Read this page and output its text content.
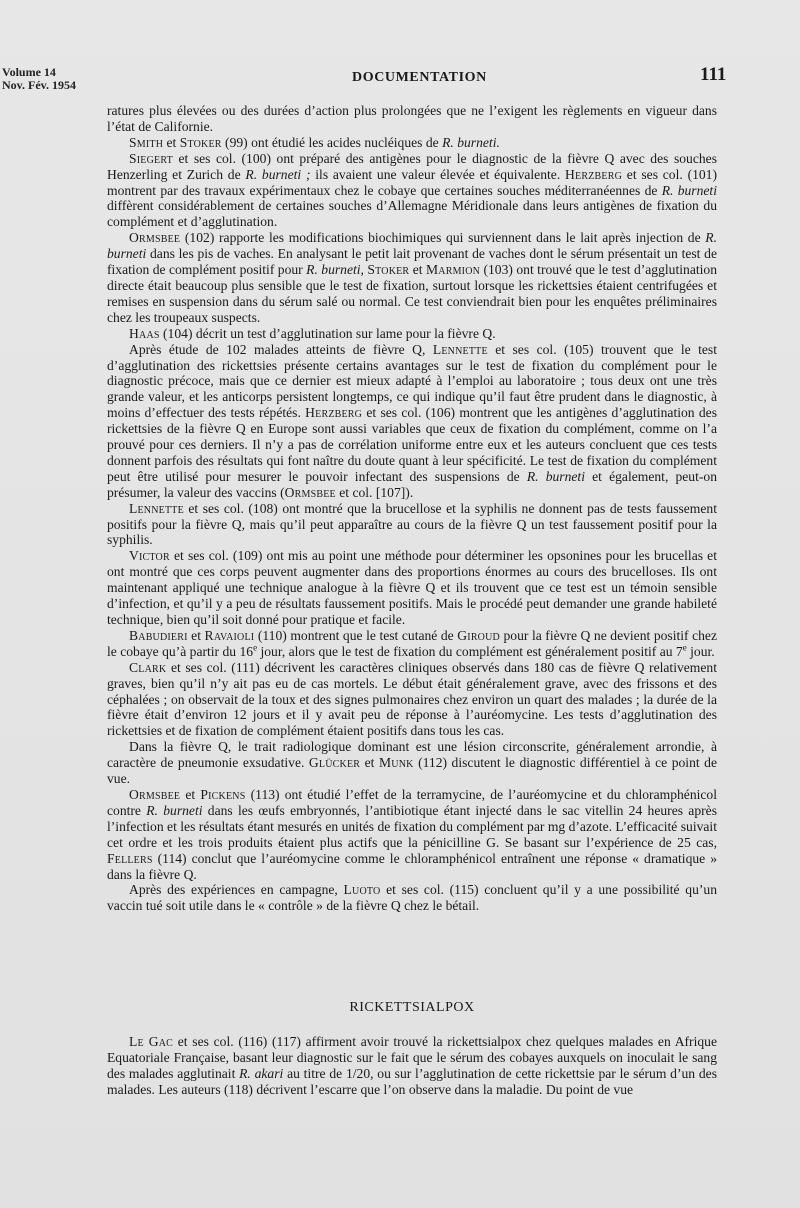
Volume 14
Nov. Fév. 1954	DOCUMENTATION	111

ratures plus élevées ou des durées d’action plus prolongées que ne l’exigent les règlements en vigueur dans l’état de Californie.

Smith et Stoker (99) ont étudié les acides nucléiques de R. burneti.

Siegert et ses col. (100) ont préparé des antigènes pour le diagnostic de la fièvre Q avec des souches Henzerling et Zurich de R. burneti ; ils avaient une valeur élevée et équivalente. Herzberg et ses col. (101) montrent par des travaux expérimentaux chez le cobaye que certaines souches méditerranéennes de R. burneti diffèrent considérablement de certaines souches d’Allemagne Méridionale dans leurs antigènes de fixation du complément et d’agglutination.

Ormsbee (102) rapporte les modifications biochimiques qui surviennent dans le lait après injection de R. burneti dans les pis de vaches. En analysant le petit lait provenant de vaches dont le sérum présentait un test de fixation de complément positif pour R. burneti, Stoker et Marmion (103) ont trouvé que le test d’agglutination directe était beaucoup plus sensible que le test de fixation, surtout lorsque les rickettsies étaient centrifugées et remises en suspension dans du sérum salé ou normal. Ce test conviendrait bien pour les enquêtes préliminaires chez les troupeaux suspects.

Haas (104) décrit un test d’agglutination sur lame pour la fièvre Q.

Après étude de 102 malades atteints de fièvre Q, Lennette et ses col. (105) trouvent que le test d’agglutination des rickettsies présente certains avantages sur le test de fixation du complément pour le diagnostic précoce, mais que ce dernier est mieux adapté à l’emploi au laboratoire ; tous deux ont une très grande valeur, et les anticorps persistent longtemps, ce qui indique qu’il faut être prudent dans le diagnostic, à moins d’effectuer des tests répétés. Herzberg et ses col. (106) montrent que les antigènes d’agglutination des rickettsies de la fièvre Q en Europe sont aussi variables que ceux de fixation du complément, comme on l’a prouvé pour ces derniers. Il n’y a pas de corrélation uniforme entre eux et les auteurs concluent que ces tests donnent parfois des résultats qui font naître du doute quant à leur spécificité. Le test de fixation du complément peut être utilisé pour mesurer le pouvoir infectant des suspensions de R. burneti et également, peut-on présumer, la valeur des vaccins (Ormsbee et col. [107]).

Lennette et ses col. (108) ont montré que la brucellose et la syphilis ne donnent pas de tests faussement positifs pour la fièvre Q, mais qu’il peut apparaître au cours de la fièvre Q un test faussement positif pour la syphilis.

Victor et ses col. (109) ont mis au point une méthode pour déterminer les opsonines pour les brucellas et ont montré que ces corps peuvent augmenter dans des proportions énormes au cours des brucelloses. Ils ont maintenant appliqué une technique analogue à la fièvre Q et ils trouvent que ce test est un témoin sensible d’infection, et qu’il y a peu de résultats faussement positifs. Mais le procédé peut demander une grande habileté technique, bien qu’il soit donné pour pratique et facile.

Babudieri et Ravaioli (110) montrent que le test cutané de Giroud pour la fièvre Q ne devient positif chez le cobaye qu’à partir du 16e jour, alors que le test de fixation du complément est généralement positif au 7e jour.

Clark et ses col. (111) décrivent les caractères cliniques observés dans 180 cas de fièvre Q relativement graves, bien qu’il n’y ait pas eu de cas mortels. Le début était généralement grave, avec des frissons et des céphalées ; on observait de la toux et des signes pulmonaires chez environ un quart des malades ; la durée de la fièvre était d’environ 12 jours et il y avait peu de réponse à l’auréomycine. Les tests d’agglutination des rickettsies et de fixation de complément étaient positifs dans tous les cas.

Dans la fièvre Q, le trait radiologique dominant est une lésion circonscrite, généralement arrondie, à caractère de pneumonie exsudative. Glücker et Munk (112) discutent le diagnostic différentiel à ce point de vue.

Ormsbee et Pickens (113) ont étudié l’effet de la terramycine, de l’auréomycine et du chloramphénicol contre R. burneti dans les œufs embryonnés, l’antibiotique étant injecté dans le sac vitellin 24 heures après l’infection et les résultats étant mesurés en unités de fixation du complément par mg d’azote. L’efficacité suivait cet ordre et les trois produits étaient plus actifs que la pénicilline G. Se basant sur l’expérience de 25 cas, Fellers (114) conclut que l’auréomycine comme le chloramphénicol entraînent une réponse « dramatique » dans la fièvre Q.

Après des expériences en campagne, Luoto et ses col. (115) concluent qu’il y a une possibilité qu’un vaccin tué soit utile dans le « contrôle » de la fièvre Q chez le bétail.

RICKETTSIALPOX

Le Gac et ses col. (116) (117) affirment avoir trouvé la rickettsialpox chez quelques malades en Afrique Equatoriale Française, basant leur diagnostic sur le fait que le sérum des cobayes auxquels on inoculait le sang des malades agglutinait R. akari au titre de 1/20, ou sur l’agglutination de cette rickettsie par le sérum d’un des malades. Les auteurs (118) décrivent l’escarre que l’on observe dans la maladie. Du point de vue
